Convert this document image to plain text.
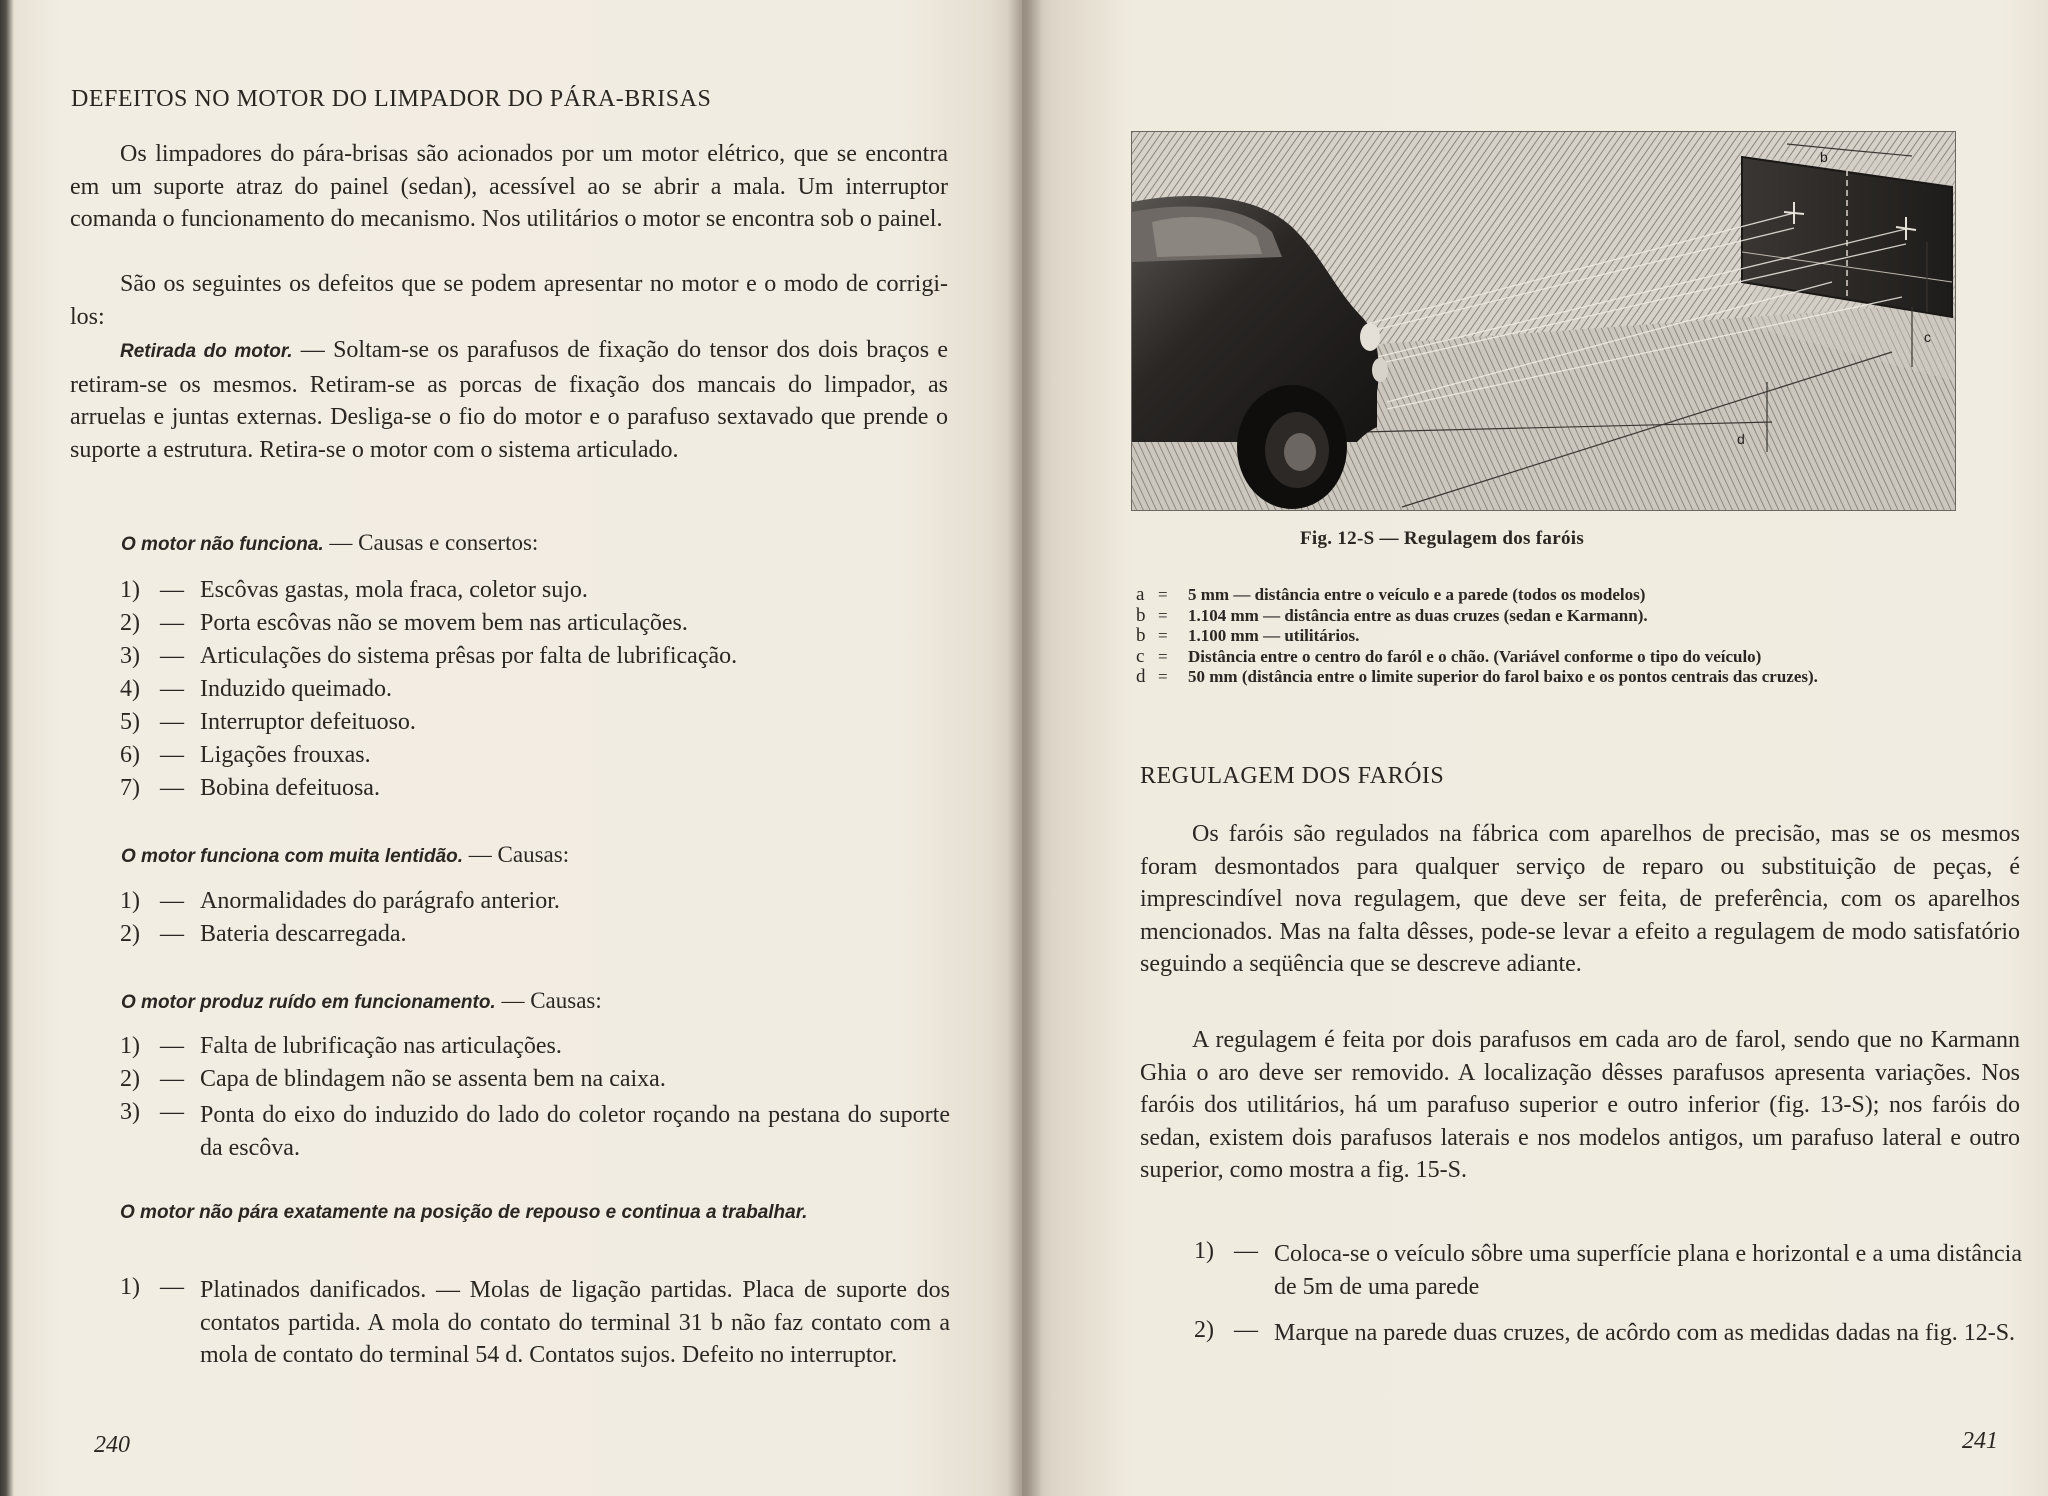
DEFEITOS NO MOTOR DO LIMPADOR DO PÁRA-BRISAS
Os limpadores do pára-brisas são acionados por um motor elétrico, que se encontra em um suporte atraz do painel (sedan), acessível ao se abrir a mala. Um interruptor comanda o funcionamento do mecanismo. Nos utilitários o motor se encontra sob o painel.
São os seguintes os defeitos que se podem apresentar no motor e o modo de corrigi-los:
Retirada do motor. — Soltam-se os parafusos de fixação do tensor dos dois braços e retiram-se os mesmos. Retiram-se as porcas de fixação dos mancais do limpador, as arruelas e juntas externas. Desliga-se o fio do motor e o parafuso sextavado que prende o suporte a estrutura. Retira-se o motor com o sistema articulado.
O motor não funciona. — Causas e consertos:
1) — Escôvas gastas, mola fraca, coletor sujo.
2) — Porta escôvas não se movem bem nas articulações.
3) — Articulações do sistema prêsas por falta de lubrificação.
4) — Induzido queimado.
5) — Interruptor defeituoso.
6) — Ligações frouxas.
7) — Bobina defeituosa.
O motor funciona com muita lentidão. — Causas:
1) — Anormalidades do parágrafo anterior.
2) — Bateria descarregada.
O motor produz ruído em funcionamento. — Causas:
1) — Falta de lubrificação nas articulações.
2) — Capa de blindagem não se assenta bem na caixa.
3) — Ponta do eixo do induzido do lado do coletor roçando na pestana do suporte da escôva.
O motor não pára exatamente na posição de repouso e continua a trabalhar.
1) — Platinados danificados. — Molas de ligação partidas. Placa de suporte dos contatos partida. A mola do contato do terminal 31 b não faz contato com a mola de contato do terminal 54 d. Contatos sujos. Defeito no interruptor.
240
b
a
c
d
Fig. 12-S — Regulagem dos faróis
a = 5 mm — distância entre o veículo e a parede (todos os modelos)
b = 1.104 mm — distância entre as duas cruzes (sedan e Karmann).
b = 1.100 mm — utilitários.
c = Distância entre o centro do faról e o chão. (Variável conforme o tipo do veículo)
d = 50 mm (distância entre o limite superior do farol baixo e os pontos centrais das cruzes).
REGULAGEM DOS FARÓIS
Os faróis são regulados na fábrica com aparelhos de precisão, mas se os mesmos foram desmontados para qualquer serviço de reparo ou substituição de peças, é imprescindível nova regulagem, que deve ser feita, de preferência, com os aparelhos mencionados. Mas na falta dêsses, pode-se levar a efeito a regulagem de modo satisfatório seguindo a seqüência que se descreve adiante.
A regulagem é feita por dois parafusos em cada aro de farol, sendo que no Karmann Ghia o aro deve ser removido. A localização dêsses parafusos apresenta variações. Nos faróis dos utilitários, há um parafuso superior e outro inferior (fig. 13-S); nos faróis do sedan, existem dois parafusos laterais e nos modelos antigos, um parafuso lateral e outro superior, como mostra a fig. 15-S.
1) — Coloca-se o veículo sôbre uma superfície plana e horizontal e a uma distância de 5m de uma parede
2) — Marque na parede duas cruzes, de acôrdo com as medidas dadas na fig. 12-S.
241
